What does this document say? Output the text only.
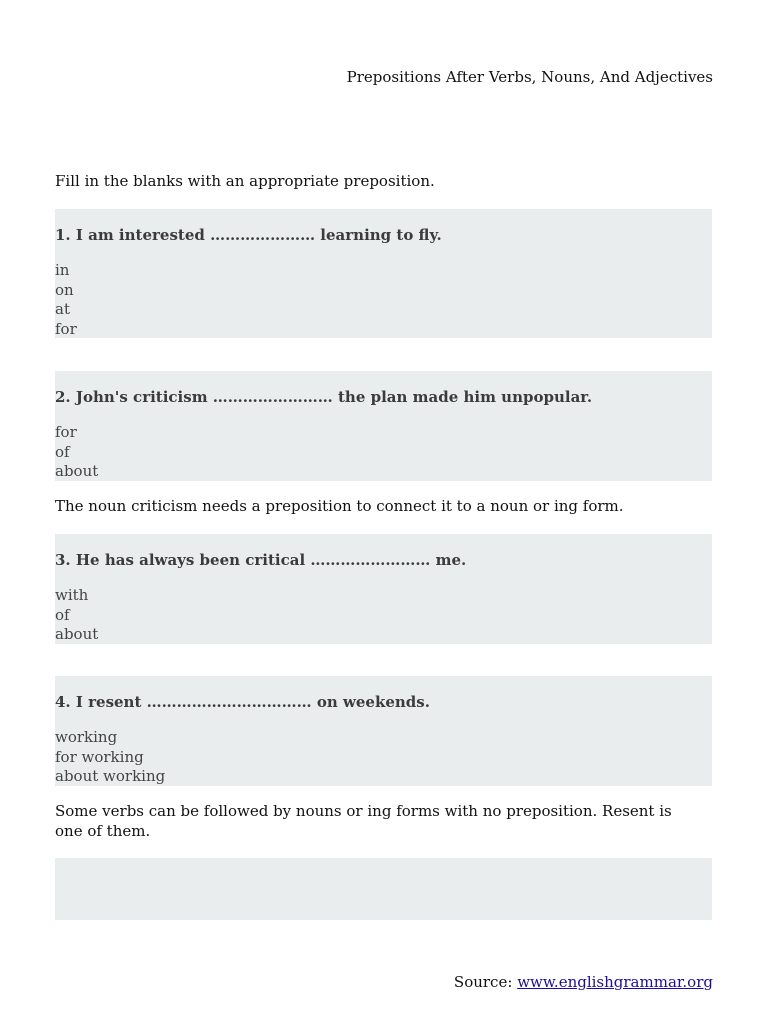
Prepositions After Verbs, Nouns, And Adjectives
Fill in the blanks with an appropriate preposition.
1. I am interested ………………… learning to fly.
in
on
at
for
2. John's criticism …………………… the plan made him unpopular.
for
of
about
The noun criticism needs a preposition to connect it to a noun or ing form.
3. He has always been critical …………………… me.
with
of
about
4. I resent …………………………… on weekends.
working
for working
about working
Some verbs can be followed by nouns or ing forms with no preposition. Resent is one of them.
Source: www.englishgrammar.org
